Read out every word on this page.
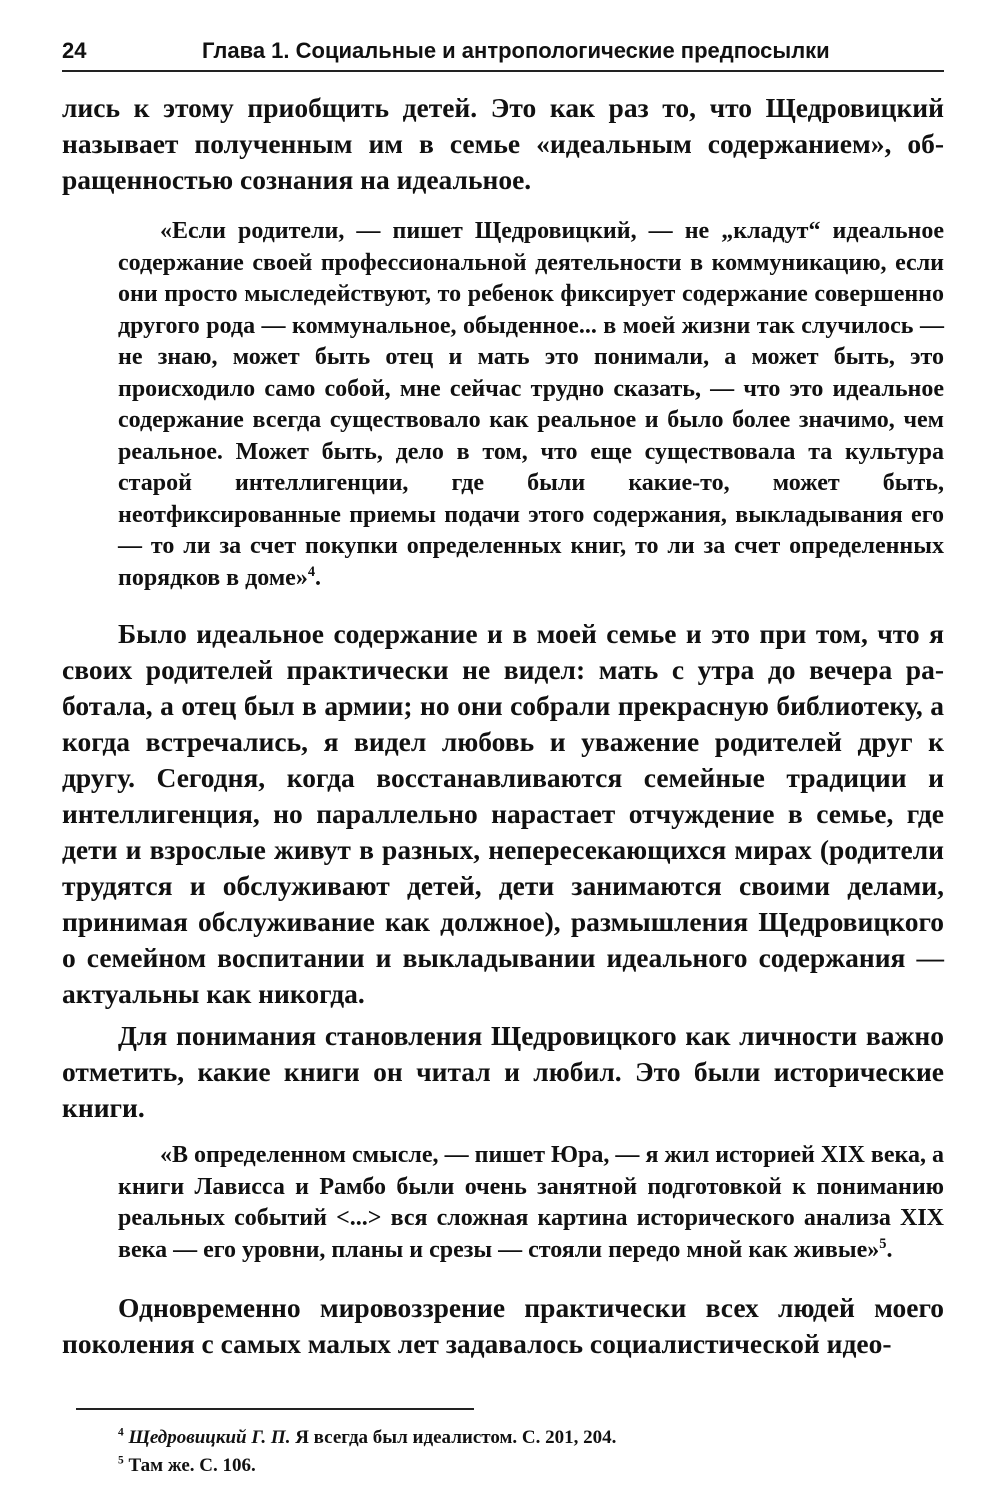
24	Глава 1. Социальные и антропологические предпосылки

лись к этому приобщить детей. Это как раз то, что Щедровицкий называет полученным им в семье «идеальным содержанием», обращенностью сознания на идеальное.

«Если родители, — пишет Щедровицкий, — не „кладут“ идеальное содержание своей профессиональной деятельности в коммуникацию, если они просто мыследействуют, то ребенок фиксирует содержание совершенно другого рода — коммунальное, обыденное... в моей жизни так случилось — не знаю, может быть отец и мать это понимали, а может быть, это происходило само собой, мне сейчас трудно сказать, — что это идеальное содержание всегда существовало как реальное и было более значимо, чем реальное. Может быть, дело в том, что еще существовала та культура старой интеллигенции, где были какие-то, может быть, неотфиксированные приемы подачи этого содержания, выкладывания его — то ли за счет покупки определенных книг, то ли за счет определенных порядков в доме»$^4$.

Было идеальное содержание и в моей семье и это при том, что я своих родителей практически не видел: мать с утра до вечера работала, а отец был в армии; но они собрали прекрасную библиотеку, а когда встречались, я видел любовь и уважение родителей друг к другу. Сегодня, когда восстанавливаются семейные традиции и интеллигенция, но параллельно нарастает отчуждение в семье, где дети и взрослые живут в разных, непересекающихся мирах (родители трудятся и обслуживают детей, дети занимаются своими делами, принимая обслуживание как должное), размышления Щедровицкого о семейном воспитании и выкладывании идеального содержания — актуальны как никогда.

Для понимания становления Щедровицкого как личности важно отметить, какие книги он читал и любил. Это были исторические книги.

«В определенном смысле, — пишет Юра, — я жил историей XIX века, а книги Лависса и Рамбо были очень занятной подготовкой к пониманию реальных событий <...> вся сложная картина исторического анализа XIX века — его уровни, планы и срезы — стояли передо мной как живые»$^5$.

Одновременно мировоззрение практически всех людей моего поколения с самых малых лет задавалось социалистической идео-

$^4$ Щедровицкий Г. П. Я всегда был идеалистом. С. 201, 204.
$^5$ Там же. С. 106.
